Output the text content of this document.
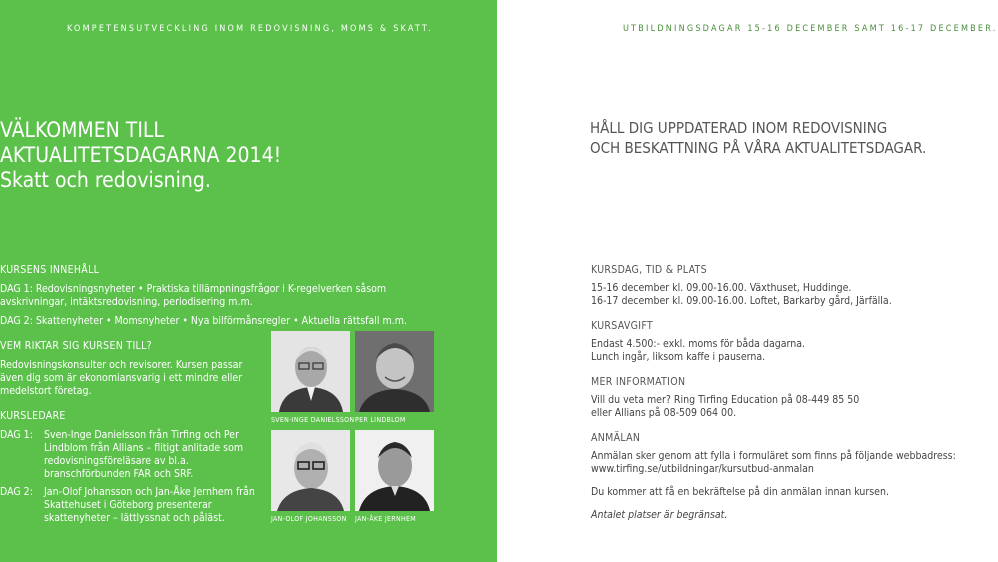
KOMPETENSUTVECKLING INOM REDOVISNING, MOMS & SKATT.
VÄLKOMMEN TILL
AKTUALITETSDAGARNA 2014!
Skatt och redovisning.
KURSENS INNEHÅLL
DAG 1: Redovisningsnyheter • Praktiska tillämpningsfrågor i K-regelverken såsom avskrivningar, intäktsredovisning, periodisering m.m.
DAG 2: Skattenyheter • Momsnyheter • Nya bilförmånsregler • Aktuella rättsfall m.m.
VEM RIKTAR SIG KURSEN TILL?
Redovisningskonsulter och revisorer. Kursen passar även dig som är ekonomiansvarig i ett mindre eller medelstort företag.
KURSLEDARE
DAG 1:	Sven-Inge Danielsson från Tirfing och Per Lindblom från Allians – flitigt anlitade som redovisningsföreläsare av bl.a. branschförbunden FAR och SRF.
DAG 2:	Jan-Olof Johansson och Jan-Åke Jernhem från Skattehuset i Göteborg presenterar skattenyheter – lättlyssnat och påläst.
SVEN-INGE DANIELSSON PER LINDBLOM
JAN-OLOF JOHANSSON JAN-ÅKE JERNHEM
UTBILDNINGSDAGAR 15-16 DECEMBER SAMT 16-17 DECEMBER.
HÅLL DIG UPPDATERAD INOM REDOVISNING
OCH BESKATTNING PÅ VÅRA AKTUALITETSDAGAR.
KURSDAG, TID & PLATS
15-16 december kl. 09.00-16.00. Växthuset, Huddinge.
16-17 december kl. 09.00-16.00. Loftet, Barkarby gård, Järfälla.
KURSAVGIFT
Endast 4.500:- exkl. moms för båda dagarna.
Lunch ingår, liksom kaffe i pauserna.
MER INFORMATION
Vill du veta mer? Ring Tirfing Education på 08-449 85 50
eller Allians på 08-509 064 00.
ANMÄLAN
Anmälan sker genom att fylla i formuläret som finns på följande webbadress:
www.tirfing.se/utbildningar/kursutbud-anmalan
Du kommer att få en bekräftelse på din anmälan innan kursen.
Antalet platser är begränsat.
